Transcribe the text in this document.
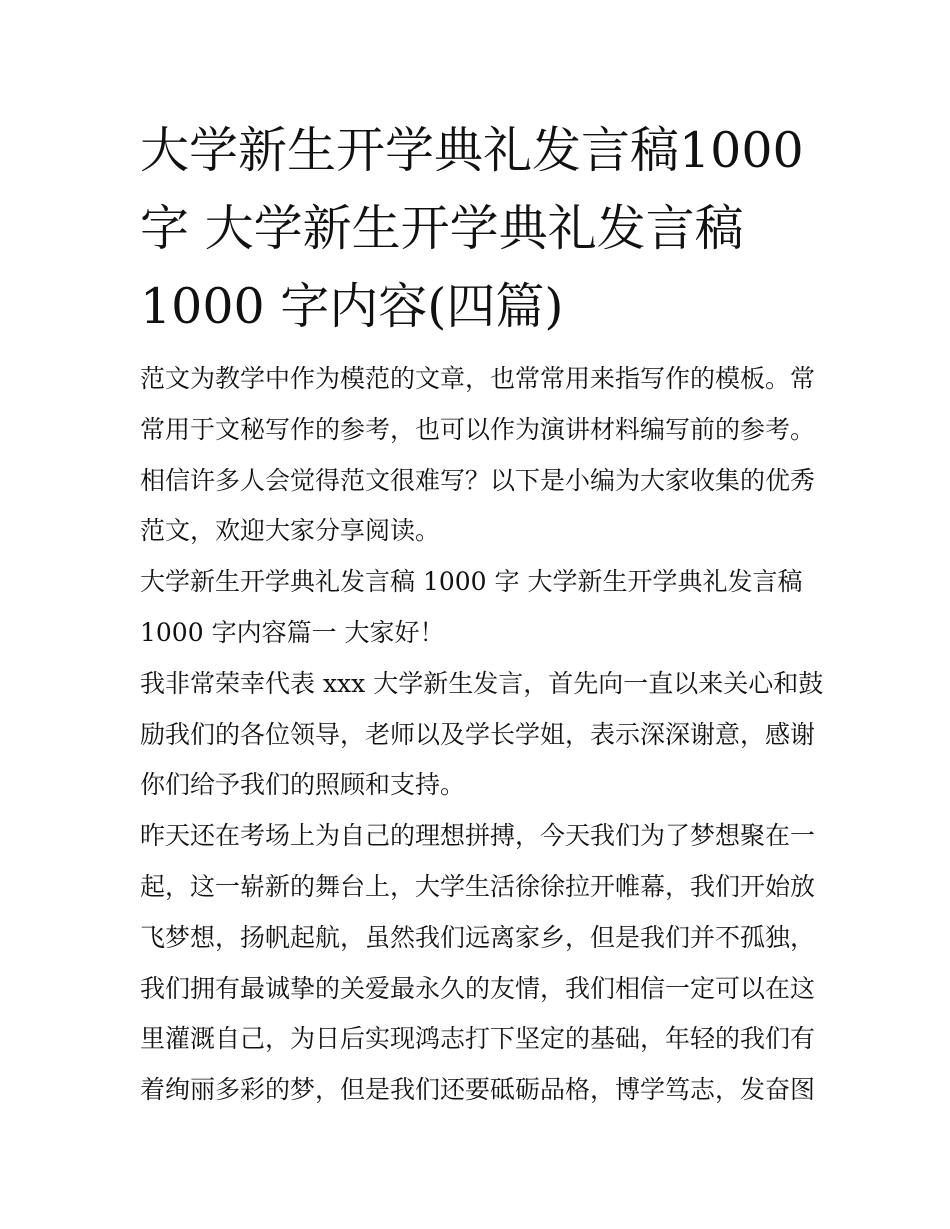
大学新生开学典礼发言稿1000
字 大学新生开学典礼发言稿
1000 字内容(四篇)
范文为教学中作为模范的文章，也常常用来指写作的模板。常
常用于文秘写作的参考，也可以作为演讲材料编写前的参考。
相信许多人会觉得范文很难写？以下是小编为大家收集的优秀
范文，欢迎大家分享阅读。
大学新生开学典礼发言稿 1000 字 大学新生开学典礼发言稿
1000 字内容篇一 大家好！
我非常荣幸代表 xxx 大学新生发言，首先向一直以来关心和鼓
励我们的各位领导，老师以及学长学姐，表示深深谢意，感谢
你们给予我们的照顾和支持。
昨天还在考场上为自己的理想拼搏，今天我们为了梦想聚在一
起，这一崭新的舞台上，大学生活徐徐拉开帷幕，我们开始放
飞梦想，扬帆起航，虽然我们远离家乡，但是我们并不孤独，
我们拥有最诚挚的关爱最永久的友情，我们相信一定可以在这
里灌溉自己，为日后实现鸿志打下坚定的基础，年轻的我们有
着绚丽多彩的梦，但是我们还要砥砺品格，博学笃志，发奋图
